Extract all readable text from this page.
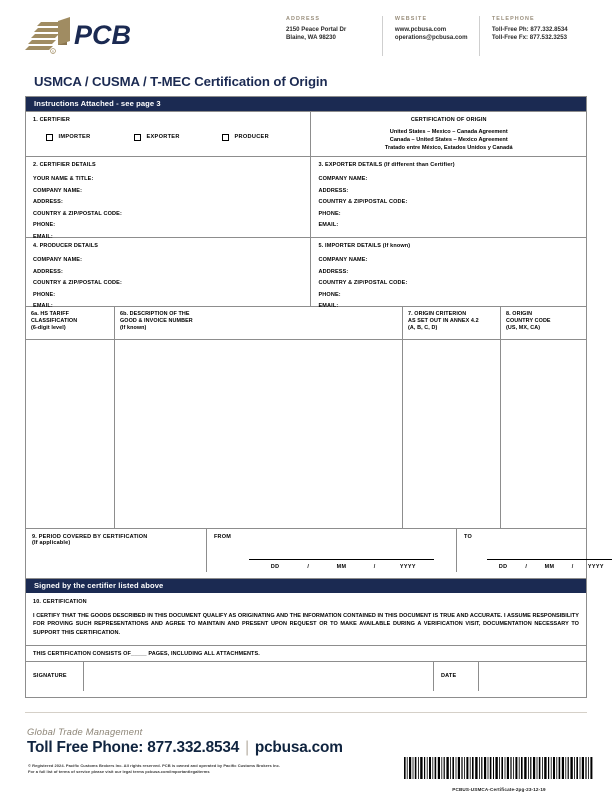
R
PCB
ADDRESS
2150 Peace Portal Dr
Blaine, WA 98230
WEBSITE
www.pcbusa.com
operations@pcbusa.com
TELEPHONE
Toll-Free Ph: 877.332.8534
Toll-Free Fx: 877.532.3253
USMCA / CUSMA / T-MEC Certification of Origin
Instructions Attached - see page 3
1. CERTIFIER
IMPORTER	EXPORTER	PRODUCER
CERTIFICATION OF ORIGIN
United States – Mexico – Canada Agreement
Canada – United States – Mexico Agreement
Tratado entre México, Estados Unidos y Canadá
2. CERTIFIER DETAILS
YOUR NAME & TITLE:
COMPANY NAME:
ADDRESS:
COUNTRY & ZIP/POSTAL CODE:
PHONE:
EMAIL:
3. EXPORTER DETAILS (If different than Certifier)
COMPANY NAME:
ADDRESS:
COUNTRY & ZIP/POSTAL CODE:
PHONE:
EMAIL:
4. PRODUCER DETAILS
COMPANY NAME:
ADDRESS:
COUNTRY & ZIP/POSTAL CODE:
PHONE:
EMAIL:
5. IMPORTER DETAILS (If known)
COMPANY NAME:
ADDRESS:
COUNTRY & ZIP/POSTAL CODE:
PHONE:
EMAIL:
6a. HS TARIFF
CLASSIFICATION
(6-digit level)
6b. DESCRIPTION OF THE
GOOD & INVOICE NUMBER
(If known)
7. ORIGIN CRITERION
AS SET OUT IN ANNEX 4.2
(A, B, C, D)
8. ORIGIN
COUNTRY CODE
(US, MX, CA)
9. PERIOD COVERED BY CERTIFICATION
(If applicable)
FROM
DD	/	MM	/	YYYY
TO
DD	/	MM	/	YYYY
Signed by the certifier listed above
10. CERTIFICATION
I CERTIFY THAT THE GOODS DESCRIBED IN THIS DOCUMENT QUALIFY AS ORIGINATING AND THE INFORMATION CONTAINED IN THIS DOCUMENT IS TRUE AND ACCURATE. I ASSUME RESPONSIBILITY FOR PROVING SUCH REPRESENTATIONS AND AGREE TO MAINTAIN AND PRESENT UPON REQUEST OR TO MAKE AVAILABLE DURING A VERIFICATION VISIT, DOCUMENTATION NECESSARY TO SUPPORT THIS CERTIFICATION.
THIS CERTIFICATION CONSISTS OF_____ PAGES, INCLUDING ALL ATTACHMENTS.
SIGNATURE	DATE
Global Trade Management
Toll Free Phone: 877.332.8534 | pcbusa.com
© Registered 2024. Pacific Customs Brokers Inc. All rights reserved. PCB is owned and operated by Pacific Customs Brokers Inc.
For a full list of terms of service please visit our legal terms pcbusa.com/importantlegalterms
PCBUS-USMCA-Certificate-2pg-23-12-19
